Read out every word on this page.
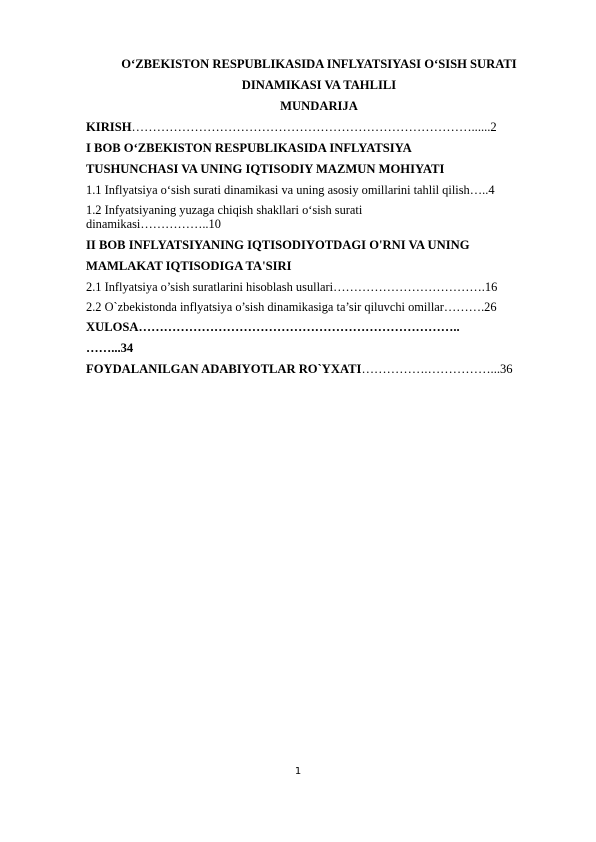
O‘ZBEKISTON RESPUBLIKASIDA INFLYATSIYASI O‘SISH SURATI
DINAMIKASI VA TAHLILI
MUNDARIJA
KIRISH………………………………………………………………………......2
I BOB O‘ZBEKISTON RESPUBLIKASIDA INFLYATSIYA
TUSHUNCHASI VA UNING IQTISODIY MAZMUN MOHIYATI
1.1 Inflyatsiya o‘sish surati dinamikasi va uning asosiy omillarini tahlil qilish…..4
1.2 Infyatsiyaning yuzaga chiqish shakllari o‘sish surati
dinamikasi……………..10
II BOB INFLYATSIYANING IQTISODIYOTDAGI O'RNI VA UNING
MAMLAKAT IQTISODIGA TA'SIRI
2.1 Inflyatsiya o’sish suratlarini hisoblash usullari……………………………….16
2.2 O`zbekistonda inflyatsiya o’sish dinamikasiga ta’sir qiluvchi omillar……….26
XULOSA…………………………………………………………………..
……...34
FOYDALANILGAN ADABIYOTLAR RO`YXATI…………….……………...36
1
